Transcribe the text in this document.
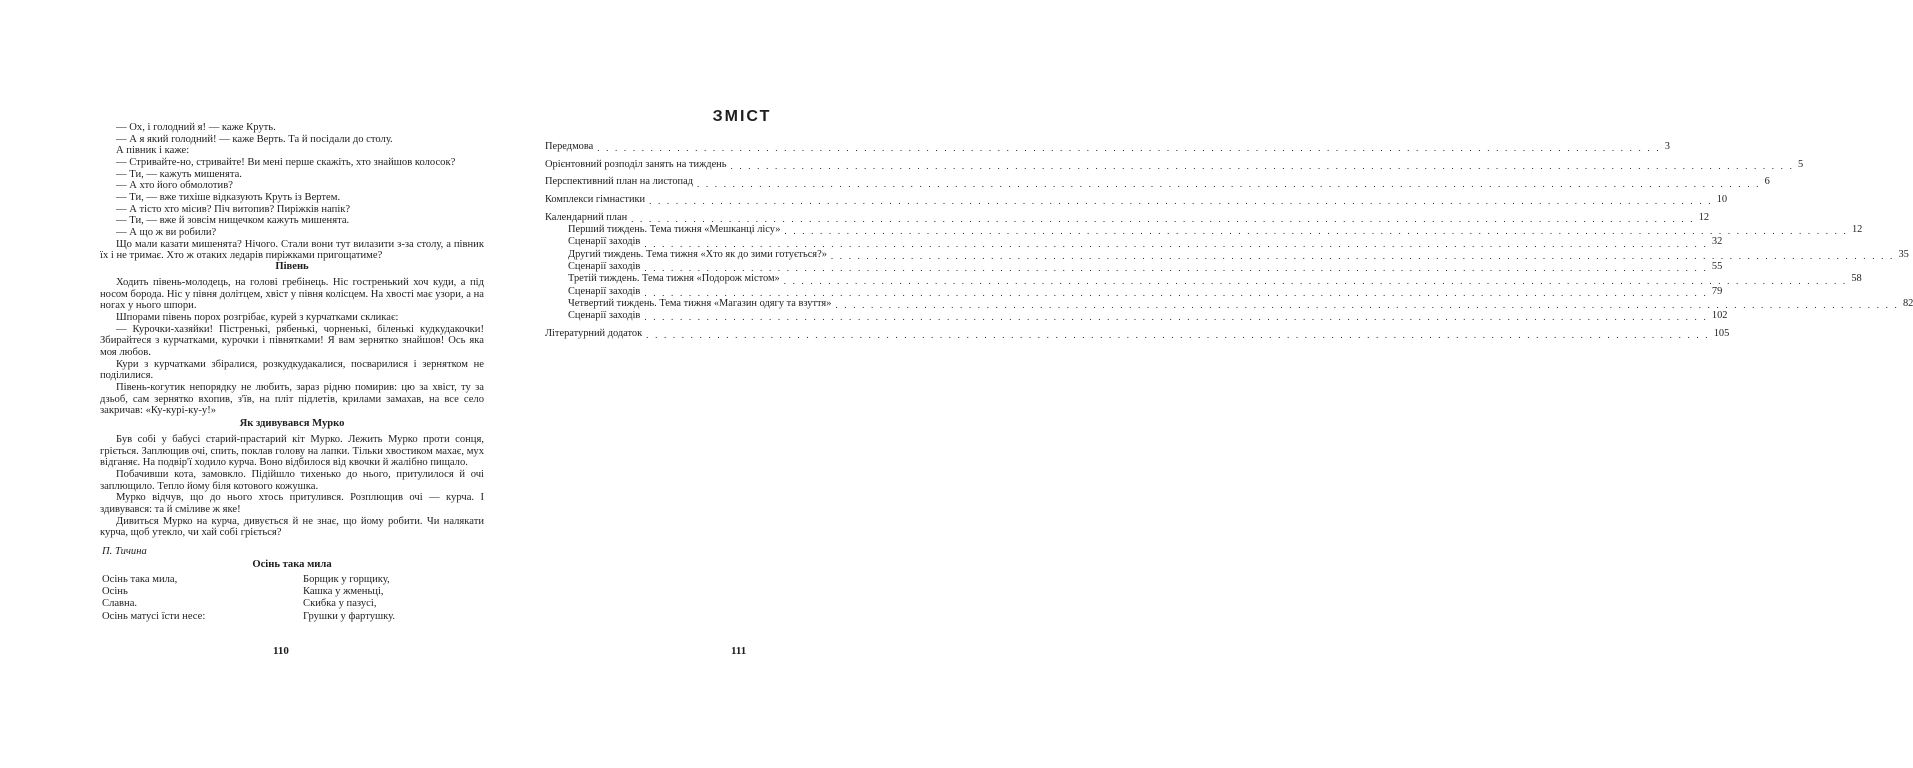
— Ох, і голодний я! — каже Круть.

— А я який голодний! — каже Верть. Та й посідали до столу.

А півник і каже:

— Стривайте-но, стривайте! Ви мені перше скажіть, хто знайшов колосок?

— Ти, — кажуть мишенята.

— А хто його обмолотив?

— Ти, — вже тихіше відказують Круть із Вертем.

— А тісто хто місив? Піч витопив? Пиріжків напік?

— Ти, — вже й зовсім нищечком кажуть мишенята.

— А що ж ви робили?

Що мали казати мишенята? Нічого. Стали вони тут вилазити з-за столу, а півник їх і не тримає. Хто ж отаких ледарів пиріжками пригощатиме?

Півень

Ходить півень-молодець, на голові гребінець. Ніс гостренький хоч куди, а під носом борода. Ніс у півня долітцем, хвіст у півня колісцем. На хвості має узори, а на ногах у нього шпори.

Шпорами півень порох розгрібає, курей з курчатками скликає:

— Курочки-хазяйки! Пістренькі, рябенькі, чорненькі, біленькі кудкудакочки! Збирайтеся з курчатками, курочки і півнятками! Я вам зернятко знайшов! Ось яка моя любов.

Кури з курчатками збіралися, розкудкудакалися, посварилися і зернятком не поділилися.

Півень-когутик непорядку не любить, зараз рідню помирив: цю за хвіст, ту за дзьоб, сам зернятко вхопив, з'їв, на пліт підлетів, крилами замахав, на все село закричав: «Ку-курі-ку-у!»

Як здивувався Мурко

Був собі у бабусі старий-прастарий кіт Мурко. Лежить Мурко проти сонця, гріється. Заплющив очі, спить, поклав голову на лапки. Тільки хвостиком махає, мух відганяє. На подвір'ї ходило курча. Воно відбилося від квочки й жалібно пищало.

Побачивши кота, замовкло. Підійшло тихенько до нього, притулилося й очі заплющило. Тепло йому біля котового кожушка.

Мурко відчув, що до нього хтось притулився. Розплющив очі — курча. І здивувався: та й сміливе ж яке!

Дивиться Мурко на курча, дивується й не знає, що йому робити. Чи налякати курча, щоб утекло, чи хай собі гріється?

П. Тичина
Осінь така мила
Осінь така мила,
Осінь
Славна.
Осінь матусі їсти несе:
Борщик у горщику,
Кашка у жменьці,
Скибка у пазусі,
Грушки у фартушку.
110
ЗМІСТ
Передмова . . . . . . . . . . . . . . . . . . . . . . . . . . . . . . . . . . . . . . . . . . . . . . . . . . . . . . . . . . . . . . . . . . . . . . . . . . . . . . . . . . . . . . . . . . . . . . . . . . . . . . . . . . . . . . . . . . . . . . . . 3
Орієнтовний розподіл занять на тиждень . . . . . . . . . . . . . . . . . . . . . . . . . . . . . . . . . . . . . . . . . . . . . . . . . . . . . . . . . . . . . . . . . . . . . . . . . . . . . . . . . . . . . . . . . . . . . . . . . . . . . . . . . . . . . . . . . . . . . . . . 5
Перспективний план на листопад . . . . . . . . . . . . . . . . . . . . . . . . . . . . . . . . . . . . . . . . . . . . . . . . . . . . . . . . . . . . . . . . . . . . . . . . . . . . . . . . . . . . . . . . . . . . . . . . . . . . . . . . . . . . . . . . . . . . . . . . 6
Комплекси гімнастики . . . . . . . . . . . . . . . . . . . . . . . . . . . . . . . . . . . . . . . . . . . . . . . . . . . . . . . . . . . . . . . . . . . . . . . . . . . . . . . . . . . . . . . . . . . . . . . . . . . . . . . . . . . . . . . . . . . . . . . . 10
Календарний план . . . . . . . . . . . . . . . . . . . . . . . . . . . . . . . . . . . . . . . . . . . . . . . . . . . . . . . . . . . . . . . . . . . . . . . . . . . . . . . . . . . . . . . . . . . . . . . . . . . . . . . . . . . . . . . . . . . . . . . . 12
Перший тиждень. Тема тижня «Мешканці лісу» . . . . . . . . . . . . . . . . . . . . . . . . . . . . . . . . . . . . . . . . . . . . . . . . . . . . . . . . . . . . . . . . . . . . . . . . . . . . . . . . . . . . . . . . . . . . . . . . . . . . . . . . . . . . . . . . . . . . . . . . 12
Сценарії заходів . . . . . . . . . . . . . . . . . . . . . . . . . . . . . . . . . . . . . . . . . . . . . . . . . . . . . . . . . . . . . . . . . . . . . . . . . . . . . . . . . . . . . . . . . . . . . . . . . . . . . . . . . . . . . . . . . . . . . . . . 32
Другий тиждень. Тема тижня «Хто як до зими готується?» . . . . . . . . . . . . . . . . . . . . . . . . . . . . . . . . . . . . . . . . . . . . . . . . . . . . . . . . . . . . . . . . . . . . . . . . . . . . . . . . . . . . . . . . . . . . . . . . . . . . . . . . . . . . . . . . . . . . . . . . 35
Сценарії заходів . . . . . . . . . . . . . . . . . . . . . . . . . . . . . . . . . . . . . . . . . . . . . . . . . . . . . . . . . . . . . . . . . . . . . . . . . . . . . . . . . . . . . . . . . . . . . . . . . . . . . . . . . . . . . . . . . . . . . . . . 55
Третій тиждень. Тема тижня «Подорож містом» . . . . . . . . . . . . . . . . . . . . . . . . . . . . . . . . . . . . . . . . . . . . . . . . . . . . . . . . . . . . . . . . . . . . . . . . . . . . . . . . . . . . . . . . . . . . . . . . . . . . . . . . . . . . . . . . . . . . . . . . 58
Сценарії заходів . . . . . . . . . . . . . . . . . . . . . . . . . . . . . . . . . . . . . . . . . . . . . . . . . . . . . . . . . . . . . . . . . . . . . . . . . . . . . . . . . . . . . . . . . . . . . . . . . . . . . . . . . . . . . . . . . . . . . . . . 79
Четвертий тиждень. Тема тижня «Магазин одягу та взуття» . . . . . . . . . . . . . . . . . . . . . . . . . . . . . . . . . . . . . . . . . . . . . . . . . . . . . . . . . . . . . . . . . . . . . . . . . . . . . . . . . . . . . . . . . . . . . . . . . . . . . . . . . . . . . . . . . . . . . . . . 82
Сценарії заходів . . . . . . . . . . . . . . . . . . . . . . . . . . . . . . . . . . . . . . . . . . . . . . . . . . . . . . . . . . . . . . . . . . . . . . . . . . . . . . . . . . . . . . . . . . . . . . . . . . . . . . . . . . . . . . . . . . . . . . . . 102
Літературний додаток . . . . . . . . . . . . . . . . . . . . . . . . . . . . . . . . . . . . . . . . . . . . . . . . . . . . . . . . . . . . . . . . . . . . . . . . . . . . . . . . . . . . . . . . . . . . . . . . . . . . . . . . . . . . . . . . . . . . . . . . 105
111
